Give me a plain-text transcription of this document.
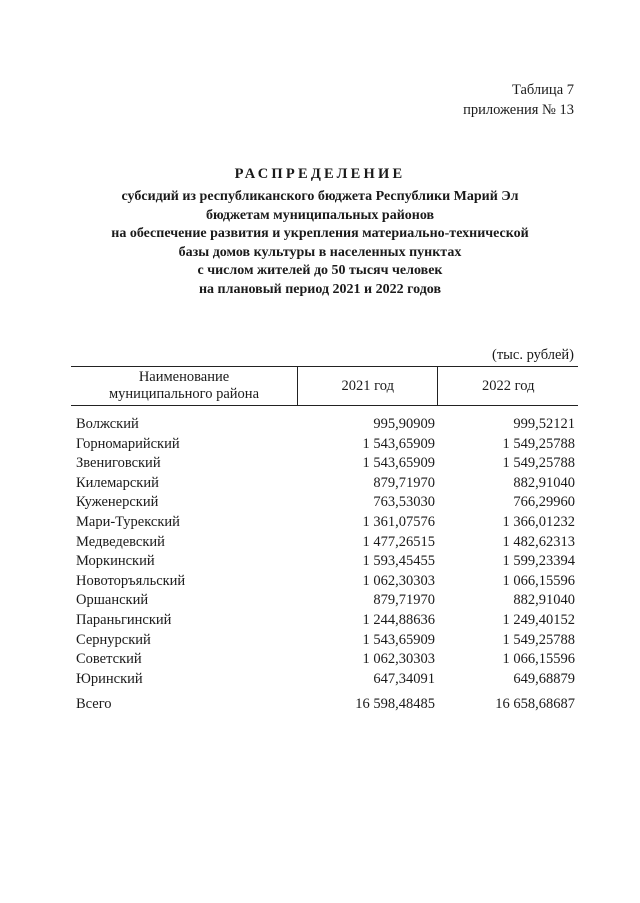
Таблица 7
приложения № 13
РАСПРЕДЕЛЕНИЕ
субсидий из республиканского бюджета Республики Марий Эл
бюджетам муниципальных районов
на обеспечение развития и укрепления материально-технической
базы домов культуры в населенных пунктах
с числом жителей до 50 тысяч человек
на плановый период 2021 и 2022 годов
(тыс. рублей)
Наименование
муниципального района	2021 год	2022 год
Волжский	995,90909	999,52121
Горномарийский	1 543,65909	1 549,25788
Звениговский	1 543,65909	1 549,25788
Килемарский	879,71970	882,91040
Куженерский	763,53030	766,29960
Мари-Турекский	1 361,07576	1 366,01232
Медведевский	1 477,26515	1 482,62313
Моркинский	1 593,45455	1 599,23394
Новоторъяльский	1 062,30303	1 066,15596
Оршанский	879,71970	882,91040
Параньгинский	1 244,88636	1 249,40152
Сернурский	1 543,65909	1 549,25788
Советский	1 062,30303	1 066,15596
Юринский	647,34091	649,68879
Всего	16 598,48485	16 658,68687
